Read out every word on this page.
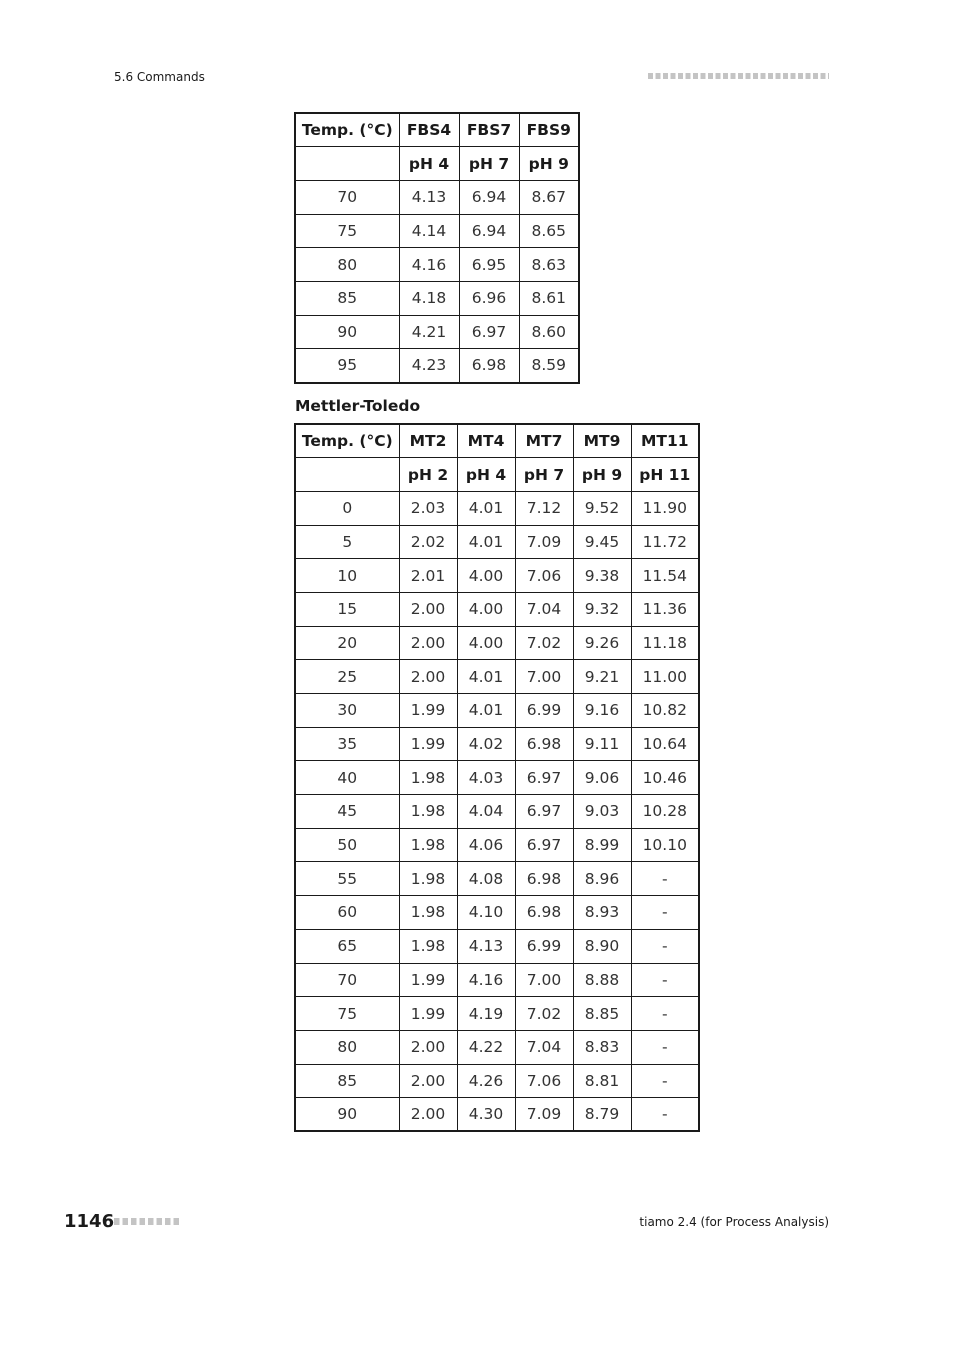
5.6 Commands
Temp. (°C)	FBS4	FBS7	FBS9
	pH 4	pH 7	pH 9
70	4.13	6.94	8.67
75	4.14	6.94	8.65
80	4.16	6.95	8.63
85	4.18	6.96	8.61
90	4.21	6.97	8.60
95	4.23	6.98	8.59
Mettler-Toledo
Temp. (°C)	MT2	MT4	MT7	MT9	MT11
	pH 2	pH 4	pH 7	pH 9	pH 11
0	2.03	4.01	7.12	9.52	11.90
5	2.02	4.01	7.09	9.45	11.72
10	2.01	4.00	7.06	9.38	11.54
15	2.00	4.00	7.04	9.32	11.36
20	2.00	4.00	7.02	9.26	11.18
25	2.00	4.01	7.00	9.21	11.00
30	1.99	4.01	6.99	9.16	10.82
35	1.99	4.02	6.98	9.11	10.64
40	1.98	4.03	6.97	9.06	10.46
45	1.98	4.04	6.97	9.03	10.28
50	1.98	4.06	6.97	8.99	10.10
55	1.98	4.08	6.98	8.96	-
60	1.98	4.10	6.98	8.93	-
65	1.98	4.13	6.99	8.90	-
70	1.99	4.16	7.00	8.88	-
75	1.99	4.19	7.02	8.85	-
80	2.00	4.22	7.04	8.83	-
85	2.00	4.26	7.06	8.81	-
90	2.00	4.30	7.09	8.79	-
1146	tiamo 2.4 (for Process Analysis)
